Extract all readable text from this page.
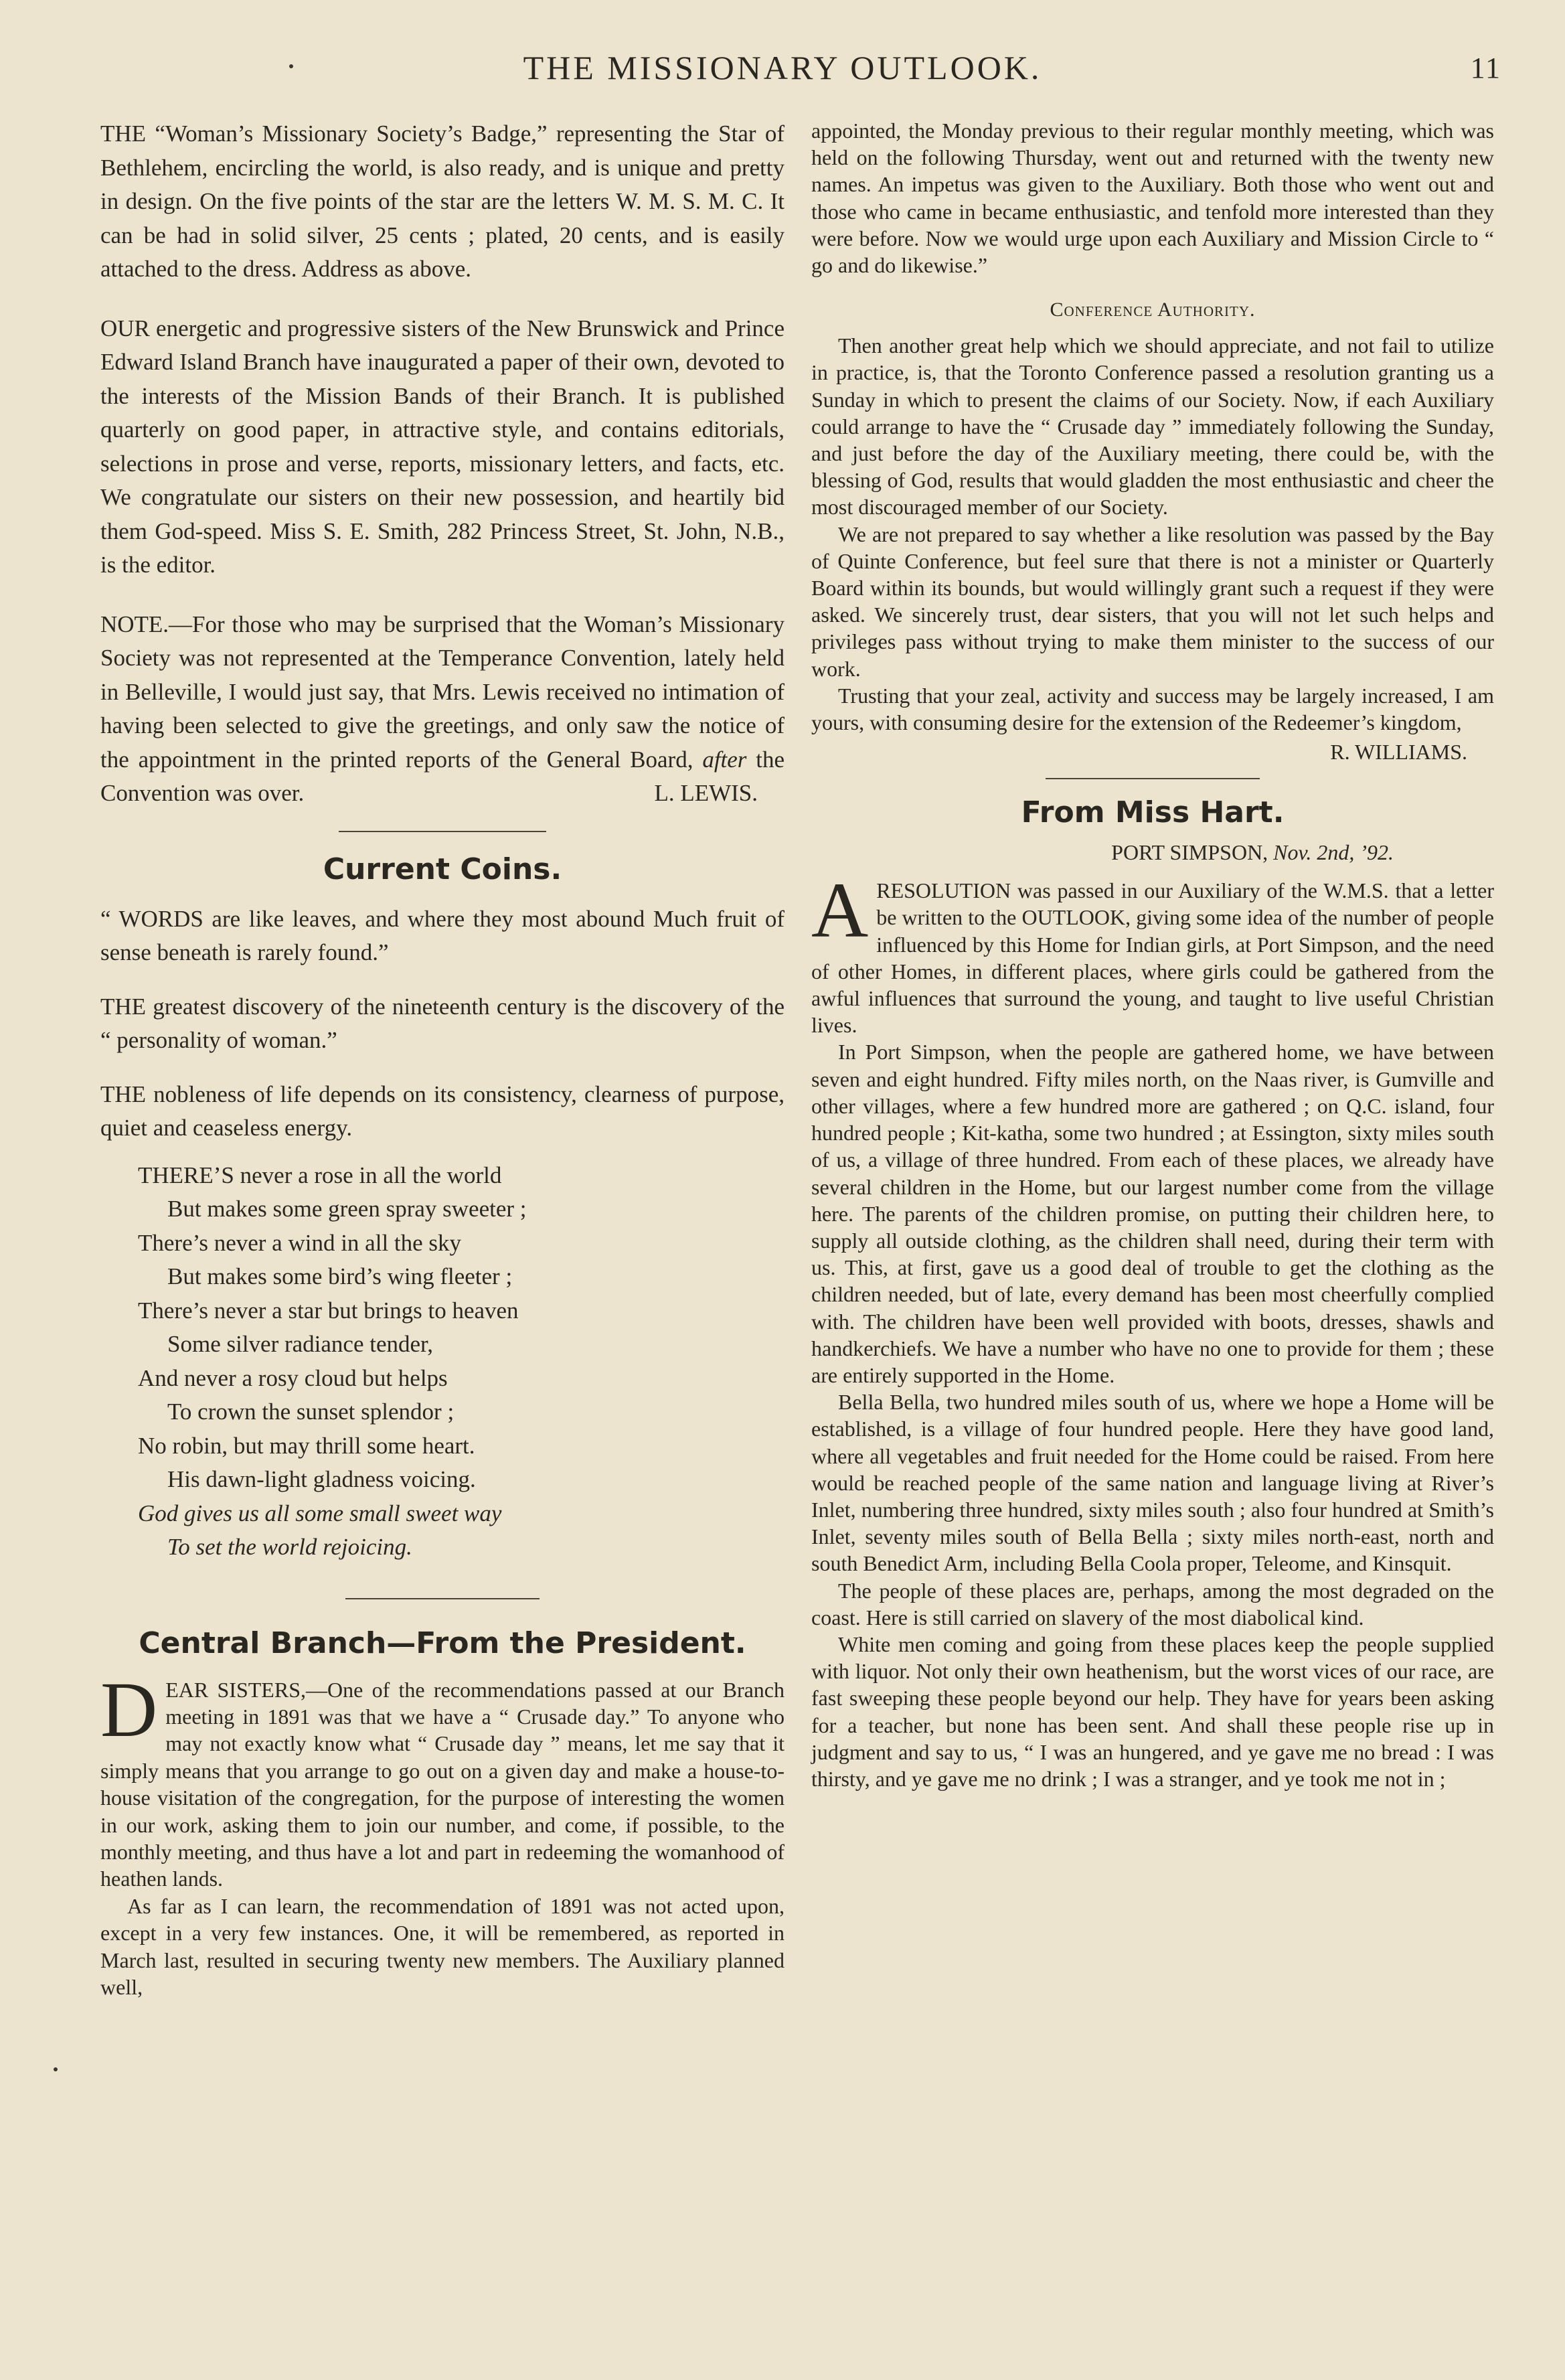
THE MISSIONARY OUTLOOK.	11

THE “Woman’s Missionary Society’s Badge,” representing the Star of Bethlehem, encircling the world, is also ready, and is unique and pretty in design. On the five points of the star are the letters W. M. S. M. C. It can be had in solid silver, 25 cents ; plated, 20 cents, and is easily attached to the dress. Address as above.

OUR energetic and progressive sisters of the New Brunswick and Prince Edward Island Branch have inaugurated a paper of their own, devoted to the interests of the Mission Bands of their Branch. It is published quarterly on good paper, in attractive style, and contains editorials, selections in prose and verse, reports, missionary letters, and facts, etc. We congratulate our sisters on their new possession, and heartily bid them God-speed. Miss S. E. Smith, 282 Princess Street, St. John, N.B., is the editor.

NOTE.—For those who may be surprised that the Woman’s Missionary Society was not represented at the Temperance Convention, lately held in Belleville, I would just say, that Mrs. Lewis received no intimation of having been selected to give the greetings, and only saw the notice of the appointment in the printed reports of the General Board, after the Convention was over.	L. LEWIS.

Current Coins.

“ WORDS are like leaves, and where they most abound Much fruit of sense beneath is rarely found.”

THE greatest discovery of the nineteenth century is the discovery of the “ personality of woman.”

THE nobleness of life depends on its consistency, clearness of purpose, quiet and ceaseless energy.

THERE’S never a rose in all the world
But makes some green spray sweeter ;
There’s never a wind in all the sky
But makes some bird’s wing fleeter ;
There’s never a star but brings to heaven
Some silver radiance tender,
And never a rosy cloud but helps
To crown the sunset splendor ;
No robin, but may thrill some heart.
His dawn-light gladness voicing.
God gives us all some small sweet way
To set the world rejoicing.
Central Branch—From the President.

D EAR SISTERS,—One of the recommendations passed at our Branch meeting in 1891 was that we have a “ Crusade day.” To anyone who may not exactly know what “ Crusade day ” means, let me say that it simply means that you arrange to go out on a given day and make a house-to-house visitation of the congregation, for the purpose of interesting the women in our work, asking them to join our number, and come, if possible, to the monthly meeting, and thus have a lot and part in redeeming the womanhood of heathen lands.

As far as I can learn, the recommendation of 1891 was not acted upon, except in a very few instances. One, it will be remembered, as reported in March last, resulted in securing twenty new members. The Auxiliary planned well,

appointed, the Monday previous to their regular monthly meeting, which was held on the following Thursday, went out and returned with the twenty new names. An impetus was given to the Auxiliary. Both those who went out and those who came in became enthusiastic, and tenfold more interested than they were before. Now we would urge upon each Auxiliary and Mission Circle to “ go and do likewise.”

Conference Authority.

Then another great help which we should appreciate, and not fail to utilize in practice, is, that the Toronto Conference passed a resolution granting us a Sunday in which to present the claims of our Society. Now, if each Auxiliary could arrange to have the “ Crusade day ” immediately following the Sunday, and just before the day of the Auxiliary meeting, there could be, with the blessing of God, results that would gladden the most enthusiastic and cheer the most discouraged member of our Society.

We are not prepared to say whether a like resolution was passed by the Bay of Quinte Conference, but feel sure that there is not a minister or Quarterly Board within its bounds, but would willingly grant such a request if they were asked. We sincerely trust, dear sisters, that you will not let such helps and privileges pass without trying to make them minister to the success of our work.

Trusting that your zeal, activity and success may be largely increased, I am yours, with consuming desire for the extension of the Redeemer’s kingdom,

R. WILLIAMS.
From Miss Hart.
PORT SIMPSON, Nov. 2nd, ’92.

A RESOLUTION was passed in our Auxiliary of the W.M.S. that a letter be written to the OUTLOOK, giving some idea of the number of people influenced by this Home for Indian girls, at Port Simpson, and the need of other Homes, in different places, where girls could be gathered from the awful influences that surround the young, and taught to live useful Christian lives.

In Port Simpson, when the people are gathered home, we have between seven and eight hundred. Fifty miles north, on the Naas river, is Gumville and other villages, where a few hundred more are gathered ; on Q.C. island, four hundred people ; Kit-katha, some two hundred ; at Essington, sixty miles south of us, a village of three hundred. From each of these places, we already have several children in the Home, but our largest number come from the village here. The parents of the children promise, on putting their children here, to supply all outside clothing, as the children shall need, during their term with us. This, at first, gave us a good deal of trouble to get the clothing as the children needed, but of late, every demand has been most cheerfully complied with. The children have been well provided with boots, dresses, shawls and handkerchiefs. We have a number who have no one to provide for them ; these are entirely supported in the Home.

Bella Bella, two hundred miles south of us, where we hope a Home will be established, is a village of four hundred people. Here they have good land, where all vegetables and fruit needed for the Home could be raised. From here would be reached people of the same nation and language living at River’s Inlet, numbering three hundred, sixty miles south ; also four hundred at Smith’s Inlet, seventy miles south of Bella Bella ; sixty miles north-east, north and south Benedict Arm, including Bella Coola proper, Teleome, and Kinsquit.

The people of these places are, perhaps, among the most degraded on the coast. Here is still carried on slavery of the most diabolical kind.

White men coming and going from these places keep the people supplied with liquor. Not only their own heathenism, but the worst vices of our race, are fast sweeping these people beyond our help. They have for years been asking for a teacher, but none has been sent. And shall these people rise up in judgment and say to us, “ I was an hungered, and ye gave me no bread : I was thirsty, and ye gave me no drink ; I was a stranger, and ye took me not in ;
